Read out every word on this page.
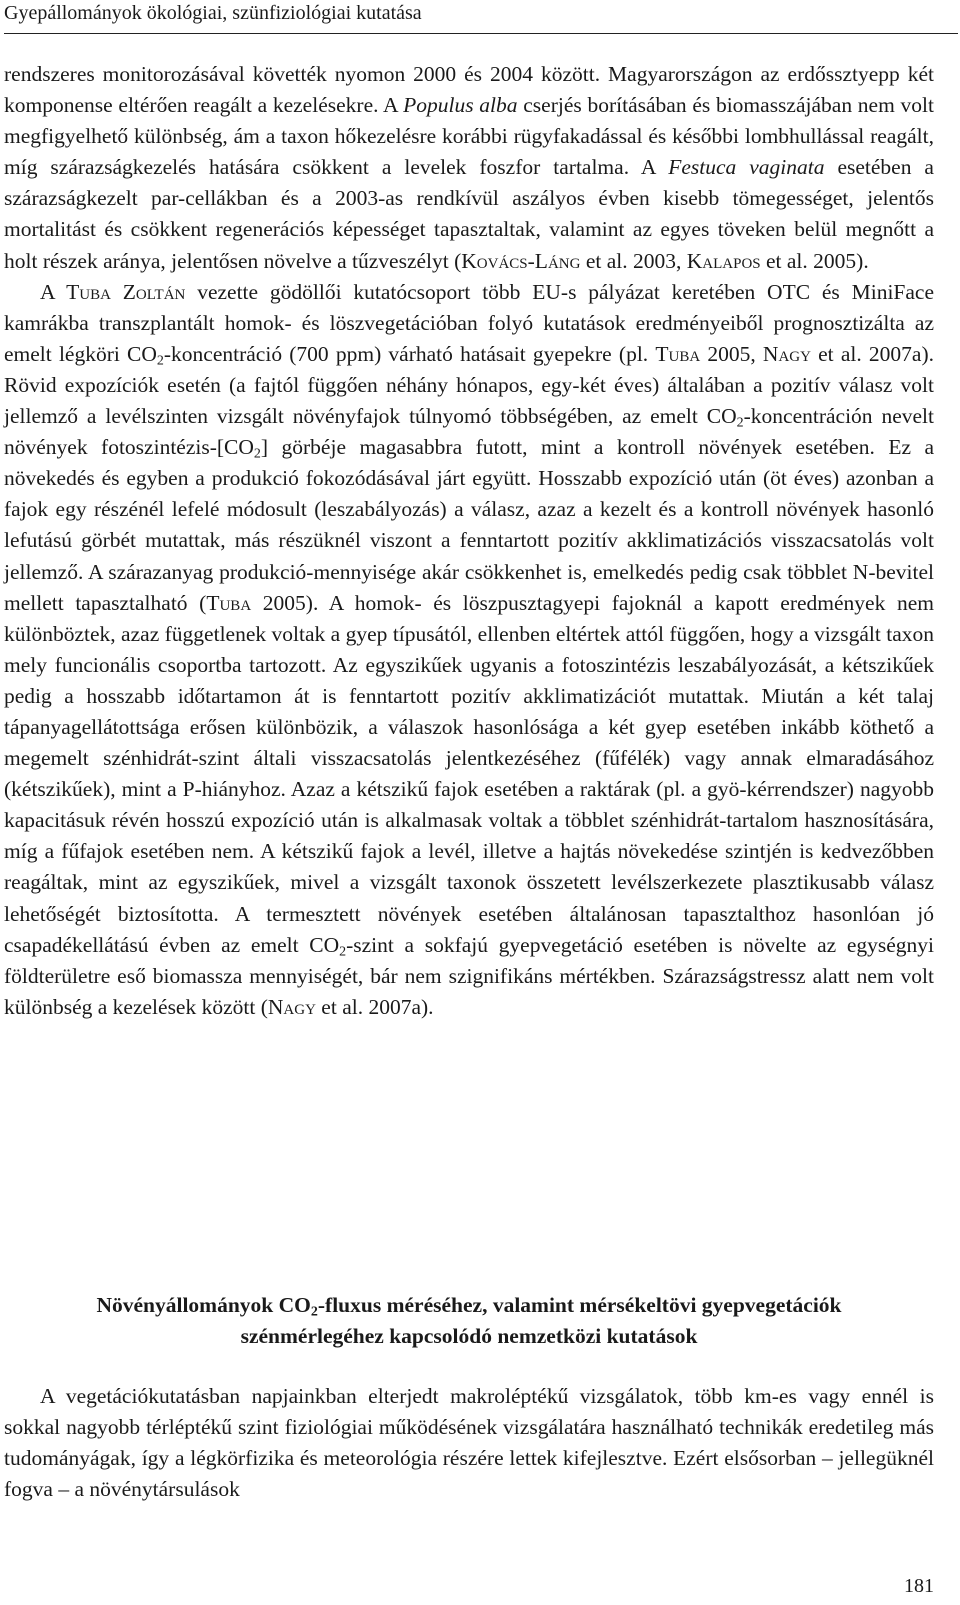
Gyepállományok ökológiai, szünfiziológiai kutatása

rendszeres monitorozásával követték nyomon 2000 és 2004 között. Magyarországon az erdőssztyepp két komponense eltérően reagált a kezelésekre. A Populus alba cserjés borításában és biomasszájában nem volt megfigyelhető különbség, ám a taxon hőkezelésre korábbi rügyfakadással és későbbi lombhullással reagált, míg szárazságkezelés hatására csökkent a levelek foszfor tartalma. A Festuca vaginata esetében a szárazságkezelt par-cellákban és a 2003-as rendkívül aszályos évben kisebb tömegességet, jelentős mortalitást és csökkent regenerációs képességet tapasztaltak, valamint az egyes töveken belül megnőtt a holt részek aránya, jelentősen növelve a tűzveszélyt (Kovács-Láng et al. 2003, Kalapos et al. 2005).

A Tuba Zoltán vezette gödöllői kutatócsoport több EU-s pályázat keretében OTC és MiniFace kamrákba transzplantált homok- és löszvegetációban folyó kutatások eredményeiből prognosztizálta az emelt légköri $CO_2$-koncentráció (700 ppm) várható hatásait gyepekre (pl. Tuba 2005, Nagy et al. 2007a). Rövid expozíciók esetén (a fajtól függően néhány hónapos, egy-két éves) általában a pozitív válasz volt jellemző a levélszinten vizsgált növényfajok túlnyomó többségében, az emelt $CO_2$-koncentráción nevelt növények fotoszintézis-$[CO_2]$ görbéje magasabbra futott, mint a kontroll növények esetében. Ez a növekedés és egyben a produkció fokozódásával járt együtt. Hosszabb expozíció után (öt éves) azonban a fajok egy részénél lefelé módosult (leszabályozás) a válasz, azaz a kezelt és a kontroll növények hasonló lefutású görbét mutattak, más részüknél viszont a fenntartott pozitív akklimatizációs visszacsatolás volt jellemző. A szárazanyag produkció-mennyisége akár csökkenhet is, emelkedés pedig csak többlet N-bevitel mellett tapasztalható (Tuba 2005). A homok- és löszpusztagyepi fajoknál a kapott eredmények nem különböztek, azaz függetlenek voltak a gyep típusától, ellenben eltértek attól függően, hogy a vizsgált taxon mely funcionális csoportba tartozott. Az egyszikűek ugyanis a fotoszintézis leszabályozását, a kétszikűek pedig a hosszabb időtartamon át is fenntartott pozitív akklimatizációt mutattak. Miután a két talaj tápanyagellátottsága erősen különbözik, a válaszok hasonlósága a két gyep esetében inkább köthető a megemelt szénhidrát-szint általi visszacsatolás jelentkezéséhez (fűfélék) vagy annak elmaradásához (kétszikűek), mint a P-hiányhoz. Azaz a kétszikű fajok esetében a raktárak (pl. a gyö-kérrendszer) nagyobb kapacitásuk révén hosszú expozíció után is alkalmasak voltak a többlet szénhidrát-tartalom hasznosítására, míg a fűfajok esetében nem. A kétszikű fajok a levél, illetve a hajtás növekedése szintjén is kedvezőbben reagáltak, mint az egyszikűek, mivel a vizsgált taxonok összetett levélszerkezete plasztikusabb válasz lehetőségét biztosította. A termesztett növények esetében általánosan tapasztalthoz hasonlóan jó csapadékellátású évben az emelt $CO_2$-szint a sokfajú gyepvegetáció esetében is növelte az egységnyi földterületre eső biomassza mennyiségét, bár nem szignifikáns mértékben. Szárazságstressz alatt nem volt különbség a kezelések között (Nagy et al. 2007a).

Növényállományok $CO_2$-fluxus méréséhez, valamint mérsékeltövi gyepvegetációk
szénmérlegéhez kapcsolódó nemzetközi kutatások

A vegetációkutatásban napjainkban elterjedt makroléptékű vizsgálatok, több km-es vagy ennél is sokkal nagyobb térléptékű szint fiziológiai működésének vizsgálatára használható technikák eredetileg más tudományágak, így a légkörfizika és meteorológia részére lettek kifejlesztve. Ezért elsősorban – jellegüknél fogva – a növénytársulások

181
